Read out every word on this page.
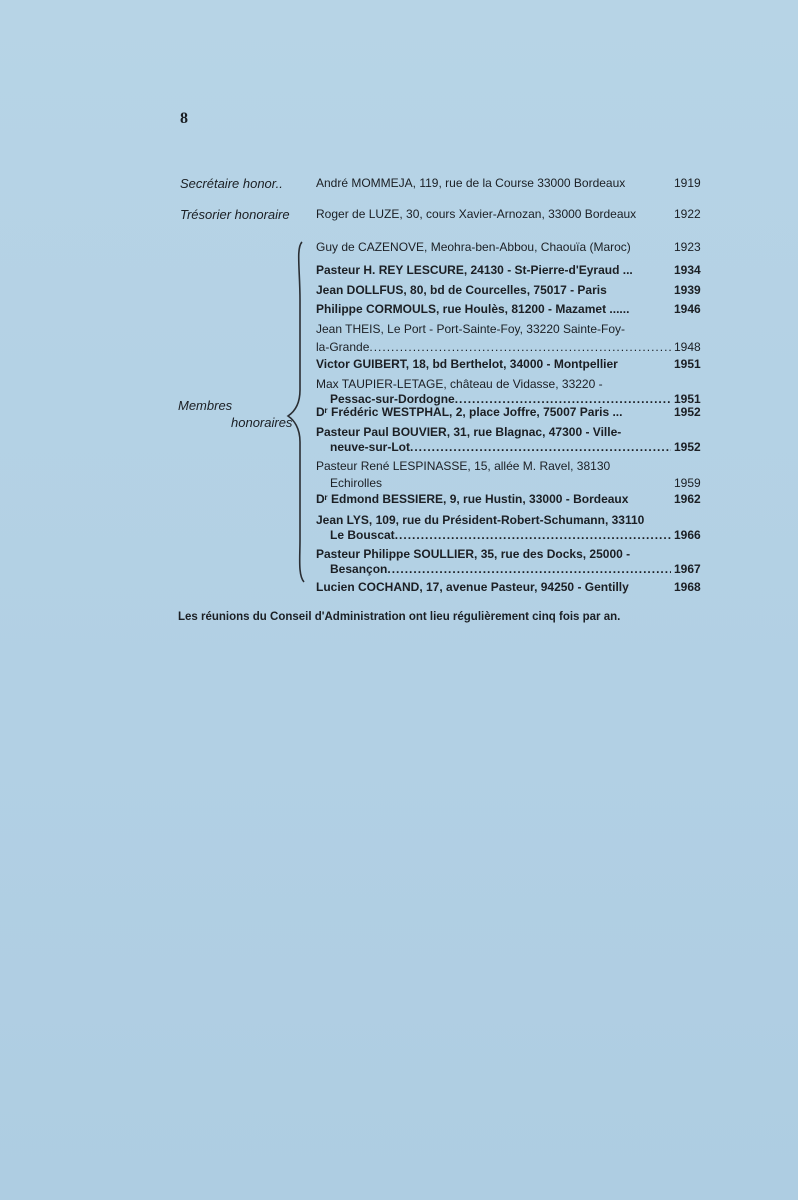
8
Secrétaire honor..	André MOMMEJA, 119, rue de la Course 33000 Bordeaux	1919
Trésorier honoraire Roger de LUZE, 30, cours Xavier-Arnozan, 33000 Bordeaux	1922
Membres
honoraires
Guy de CAZENOVE, Meohra-ben-Abbou, Chaouïa (Maroc)	1923
Pasteur H. REY LESCURE, 24130 - St-Pierre-d'Eyraud ...	1934
Jean DOLLFUS, 80, bd de Courcelles, 75017 - Paris	1939
Philippe CORMOULS, rue Houlès, 81200 - Mazamet ......	1946
Jean THEIS, Le Port - Port-Sainte-Foy, 33220 Sainte-Foy-
la-Grande .....	1948
Victor GUIBERT, 18, bd Berthelot, 34000 - Montpellier	1951
Max TAUPIER-LETAGE, château de Vidasse, 33220 -
Pessac-sur-Dordogne .....	1951
Dʳ Frédéric WESTPHAL, 2, place Joffre, 75007 Paris ...	1952
Pasteur Paul BOUVIER, 31, rue Blagnac, 47300 - Ville-
neuve-sur-Lot .....	1952
Pasteur René LESPINASSE, 15, allée M. Ravel, 38130
Echirolles	1959
Dʳ Edmond BESSIERE, 9, rue Hustin, 33000 - Bordeaux	1962
Jean LYS, 109, rue du Président-Robert-Schumann, 33110
Le Bouscat .....	1966
Pasteur Philippe SOULLIER, 35, rue des Docks, 25000 -
Besançon .....	1967
Lucien COCHAND, 17, avenue Pasteur, 94250 - Gentilly	1968
Les réunions du Conseil d'Administration ont lieu régulièrement cinq fois par an.
